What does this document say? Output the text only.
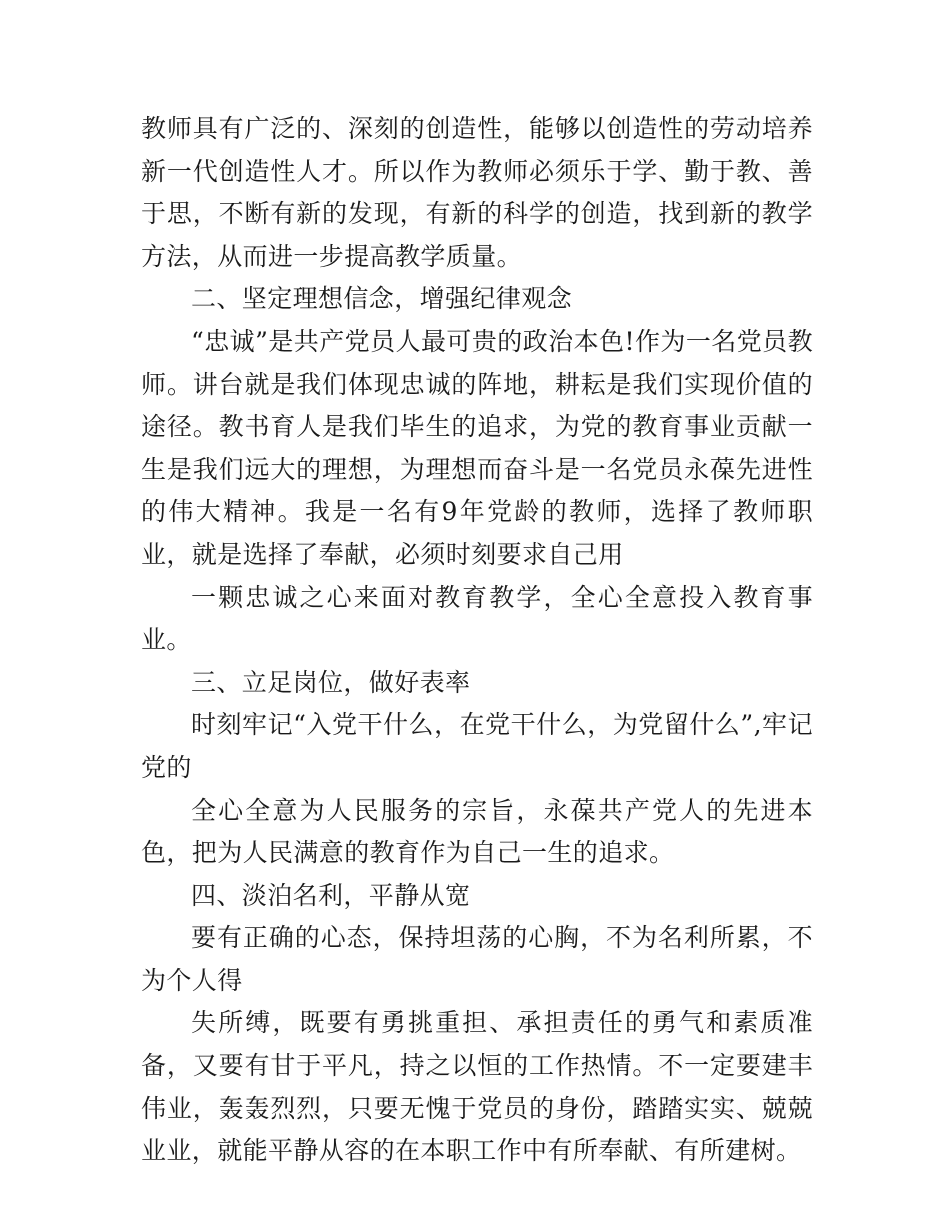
教师具有广泛的、深刻的创造性，能够以创造性的劳动培养新一代创造性人才。所以作为教师必须乐于学、勤于教、善于思，不断有新的发现，有新的科学的创造，找到新的教学方法，从而进一步提高教学质量。

二、坚定理想信念，增强纪律观念

“忠诚”是共产党员人最可贵的政治本色!作为一名党员教师。讲台就是我们体现忠诚的阵地，耕耘是我们实现价值的途径。教书育人是我们毕生的追求，为党的教育事业贡献一生是我们远大的理想，为理想而奋斗是一名党员永葆先进性的伟大精神。我是一名有9年党龄的教师，选择了教师职业，就是选择了奉献，必须时刻要求自己用

一颗忠诚之心来面对教育教学，全心全意投入教育事业。

三、立足岗位，做好表率

时刻牢记“入党干什么，在党干什么，为党留什么”,牢记党的

全心全意为人民服务的宗旨，永葆共产党人的先进本色，把为人民满意的教育作为自己一生的追求。

四、淡泊名利，平静从宽

要有正确的心态，保持坦荡的心胸，不为名利所累，不为个人得

失所缚，既要有勇挑重担、承担责任的勇气和素质准备，又要有甘于平凡，持之以恒的工作热情。不一定要建丰伟业，轰轰烈烈，只要无愧于党员的身份，踏踏实实、兢兢业业，就能平静从容的在本职工作中有所奉献、有所建树。
